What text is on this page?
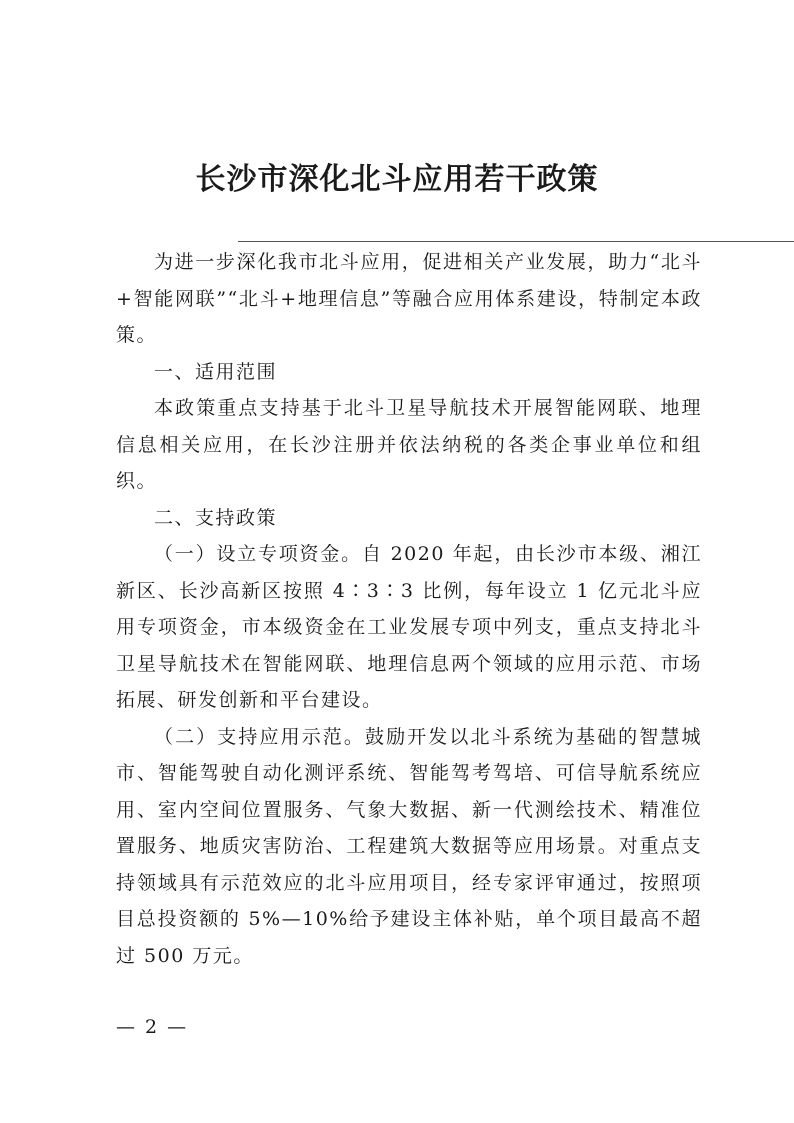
长沙市深化北斗应用若干政策

为进一步深化我市北斗应用，促进相关产业发展，助力“北斗+智能网联”“北斗+地理信息”等融合应用体系建设，特制定本政策。

一、适用范围

本政策重点支持基于北斗卫星导航技术开展智能网联、地理信息相关应用，在长沙注册并依法纳税的各类企事业单位和组织。

二、支持政策

（一）设立专项资金。自 2020 年起，由长沙市本级、湘江新区、长沙高新区按照 4∶3∶3 比例，每年设立 1 亿元北斗应用专项资金，市本级资金在工业发展专项中列支，重点支持北斗卫星导航技术在智能网联、地理信息两个领域的应用示范、市场拓展、研发创新和平台建设。

（二）支持应用示范。鼓励开发以北斗系统为基础的智慧城市、智能驾驶自动化测评系统、智能驾考驾培、可信导航系统应用、室内空间位置服务、气象大数据、新一代测绘技术、精准位置服务、地质灾害防治、工程建筑大数据等应用场景。对重点支持领域具有示范效应的北斗应用项目，经专家评审通过，按照项目总投资额的 5%—10%给予建设主体补贴，单个项目最高不超过 500 万元。

— 2 —
